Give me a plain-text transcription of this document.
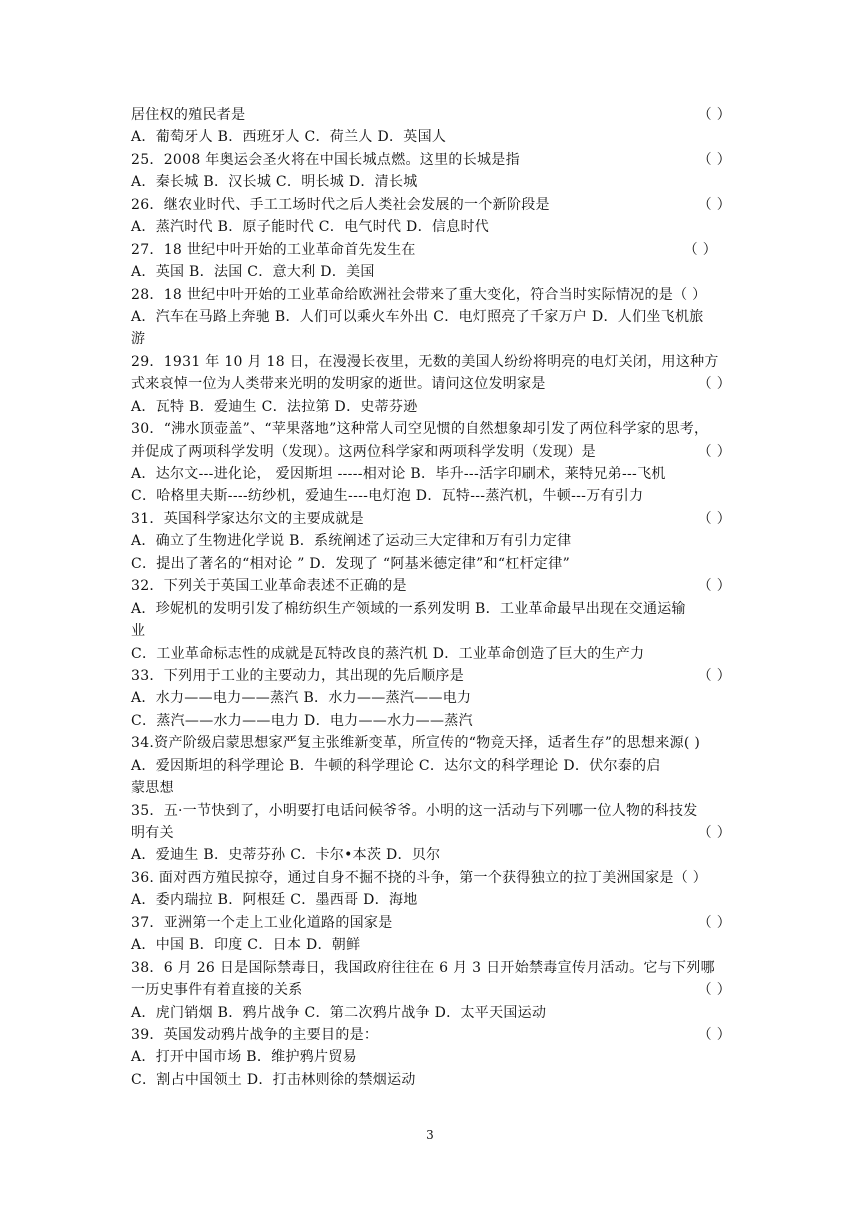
居住权的殖民者是	（ ）
A．葡萄牙人 B．西班牙人 C．荷兰人 D．英国人
25．2008 年奥运会圣火将在中国长城点燃。这里的长城是指	（ ）
A．秦长城 B．汉长城 C．明长城 D．清长城
26．继农业时代、手工工场时代之后人类社会发展的一个新阶段是	（ ）
A．蒸汽时代 B．原子能时代 C．电气时代 D．信息时代
27．18 世纪中叶开始的工业革命首先发生在	（ ）
A．英国 B．法国 C．意大利 D．美国
28．18 世纪中叶开始的工业革命给欧洲社会带来了重大变化，符合当时实际情况的是（ ）
A．汽车在马路上奔驰 B．人们可以乘火车外出 C．电灯照亮了千家万户 D．人们坐飞机旅
游
29．1931 年 10 月 18 日，在漫漫长夜里，无数的美国人纷纷将明亮的电灯关闭，用这种方
式来哀悼一位为人类带来光明的发明家的逝世。请问这位发明家是	（ ）
A．瓦特 B．爱迪生 C．法拉第 D．史蒂芬逊
30．“沸水顶壶盖”、“苹果落地”这种常人司空见惯的自然想象却引发了两位科学家的思考，
并促成了两项科学发明（发现）。这两位科学家和两项科学发明（发现）是	（ ）
A．达尔文---进化论， 爱因斯坦 -----相对论 B．毕升---活字印刷术，莱特兄弟---飞机
C．哈格里夫斯----纺纱机，爱迪生----电灯泡 D．瓦特---蒸汽机，牛顿---万有引力
31．英国科学家达尔文的主要成就是	（ ）
A．确立了生物进化学说 B．系统阐述了运动三大定律和万有引力定律
C．提出了著名的“相对论 ” D．发现了 “阿基米德定律”和“杠杆定律”
32．下列关于英国工业革命表述不正确的是	（ ）
A．珍妮机的发明引发了棉纺织生产领域的一系列发明 B．工业革命最早出现在交通运输
业
C．工业革命标志性的成就是瓦特改良的蒸汽机 D．工业革命创造了巨大的生产力
33．下列用于工业的主要动力，其出现的先后顺序是	（ ）
A．水力——电力——蒸汽 B．水力——蒸汽——电力
C．蒸汽——水力——电力 D．电力——水力——蒸汽
34.资产阶级启蒙思想家严复主张维新变革，所宣传的“物竞天择，适者生存”的思想来源( )
A．爱因斯坦的科学理论 B．牛顿的科学理论 C．达尔文的科学理论 D．伏尔泰的启
蒙思想
35．五·一节快到了，小明要打电话问候爷爷。小明的这一活动与下列哪一位人物的科技发
明有关	（ ）
A．爱迪生 B．史蒂芬孙 C．卡尔•本茨 D．贝尔
36. 面对西方殖民掠夺，通过自身不掘不挠的斗争，第一个获得独立的拉丁美洲国家是（ ）
A．委内瑞拉 B．阿根廷 C．墨西哥 D．海地
37．亚洲第一个走上工业化道路的国家是	（ ）
A．中国 B．印度 C．日本 D．朝鲜
38．6 月 26 日是国际禁毒日，我国政府往往在 6 月 3 日开始禁毒宣传月活动。它与下列哪
一历史事件有着直接的关系	（ ）
A．虎门销烟 B．鸦片战争 C．第二次鸦片战争 D．太平天国运动
39．英国发动鸦片战争的主要目的是：	（ ）
A．打开中国市场 B．维护鸦片贸易
C．割占中国领土 D．打击林则徐的禁烟运动
3
